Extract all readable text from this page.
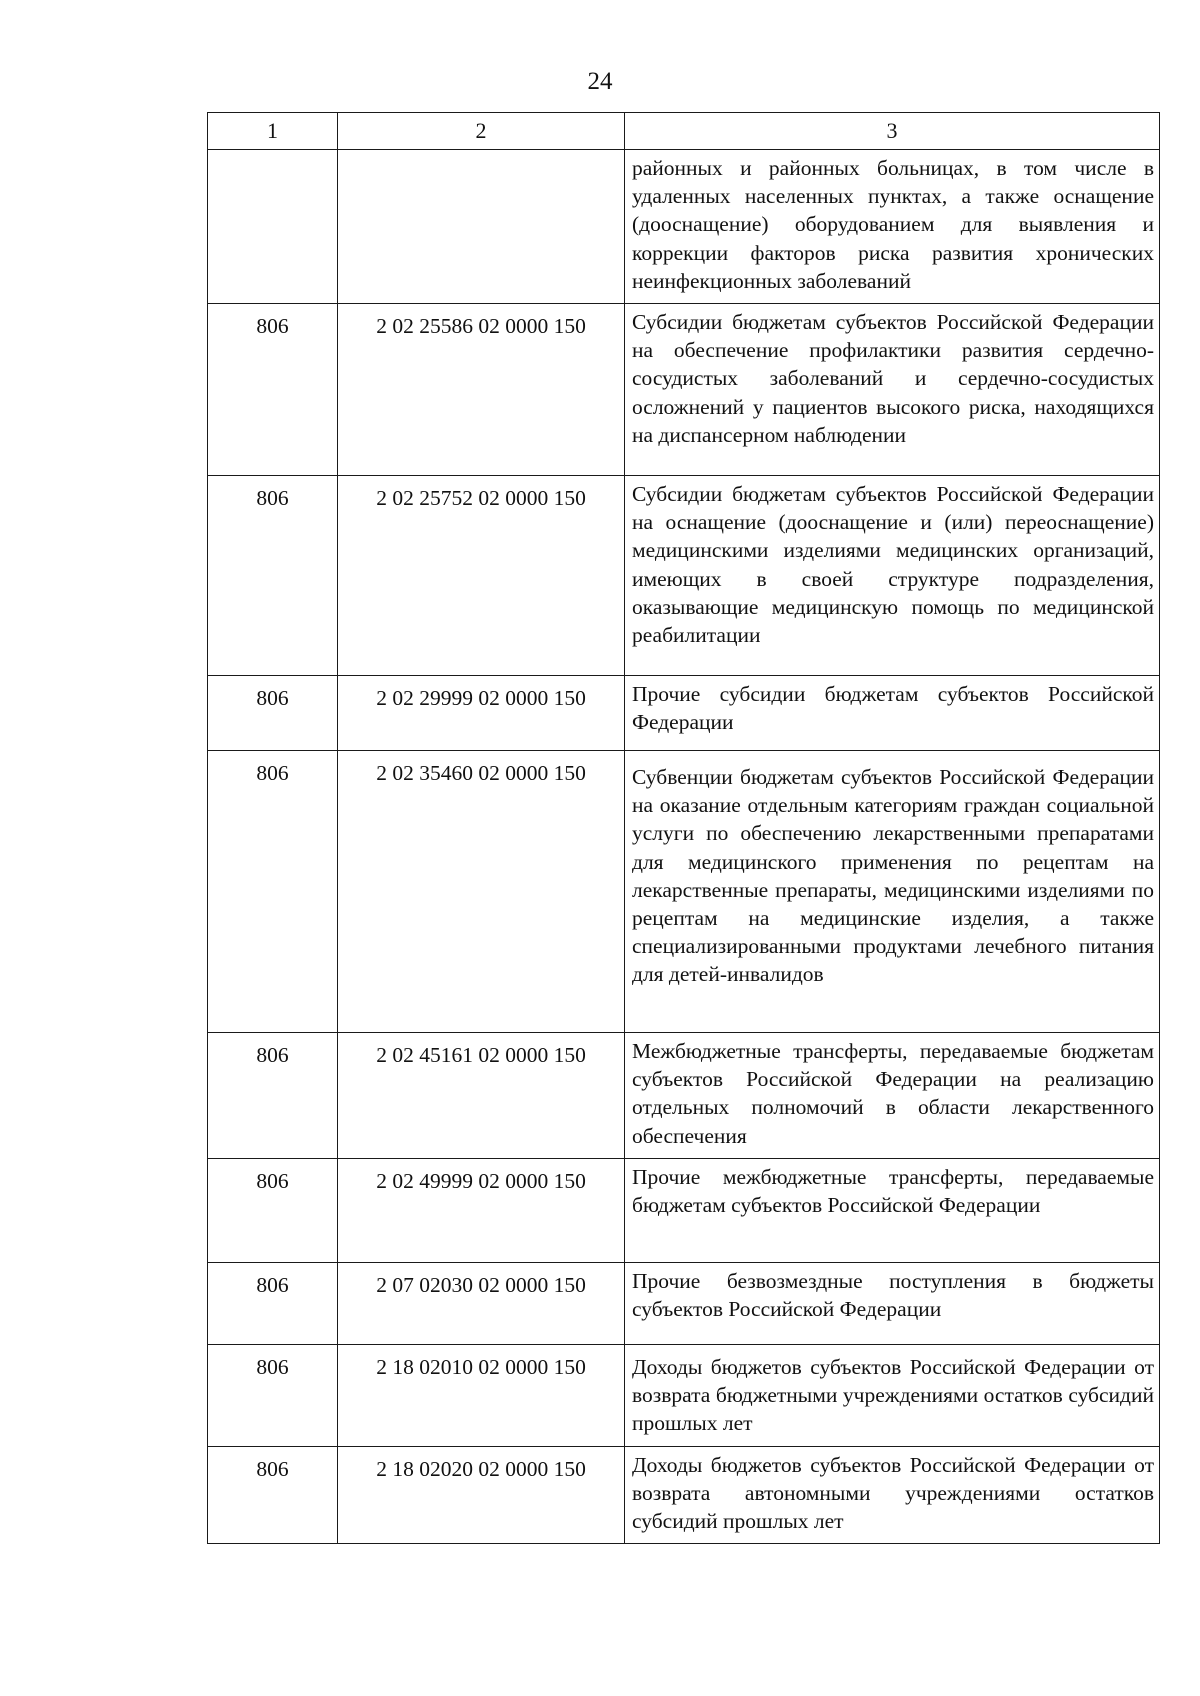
24
1	2	3
		районных и районных больницах, в том числе в удаленных населенных пунктах, а также оснащение (дооснащение) оборудованием для выявления и коррекции факторов риска развития хронических неинфекционных заболеваний
806	2 02 25586 02 0000 150	Субсидии бюджетам субъектов Российской Федерации на обеспечение профилактики развития сердечно-сосудистых заболеваний и сердечно-сосудистых осложнений у пациентов высокого риска, находящихся на диспансерном наблюдении
806	2 02 25752 02 0000 150	Субсидии бюджетам субъектов Российской Федерации на оснащение (дооснащение и (или) переоснащение) медицинскими изделиями медицинских организаций, имеющих в своей структуре подразделения, оказывающие медицинскую помощь по медицинской реабилитации
806	2 02 29999 02 0000 150	Прочие субсидии бюджетам субъектов Российской Федерации
806	2 02 35460 02 0000 150	Субвенции бюджетам субъектов Российской Федерации на оказание отдельным категориям граждан социальной услуги по обеспечению лекарственными препаратами для медицинского применения по рецептам на лекарственные препараты, медицинскими изделиями по рецептам на медицинские изделия, а также специализированными продуктами лечебного питания для детей-инвалидов
806	2 02 45161 02 0000 150	Межбюджетные трансферты, передаваемые бюджетам субъектов Российской Федерации на реализацию отдельных полномочий в области лекарственного обеспечения
806	2 02 49999 02 0000 150	Прочие межбюджетные трансферты, передаваемые бюджетам субъектов Российской Федерации
806	2 07 02030 02 0000 150	Прочие безвозмездные поступления в бюджеты субъектов Российской Федерации
806	2 18 02010 02 0000 150	Доходы бюджетов субъектов Российской Федерации от возврата бюджетными учреждениями остатков субсидий прошлых лет
806	2 18 02020 02 0000 150	Доходы бюджетов субъектов Российской Федерации от возврата автономными учреждениями остатков субсидий прошлых лет
